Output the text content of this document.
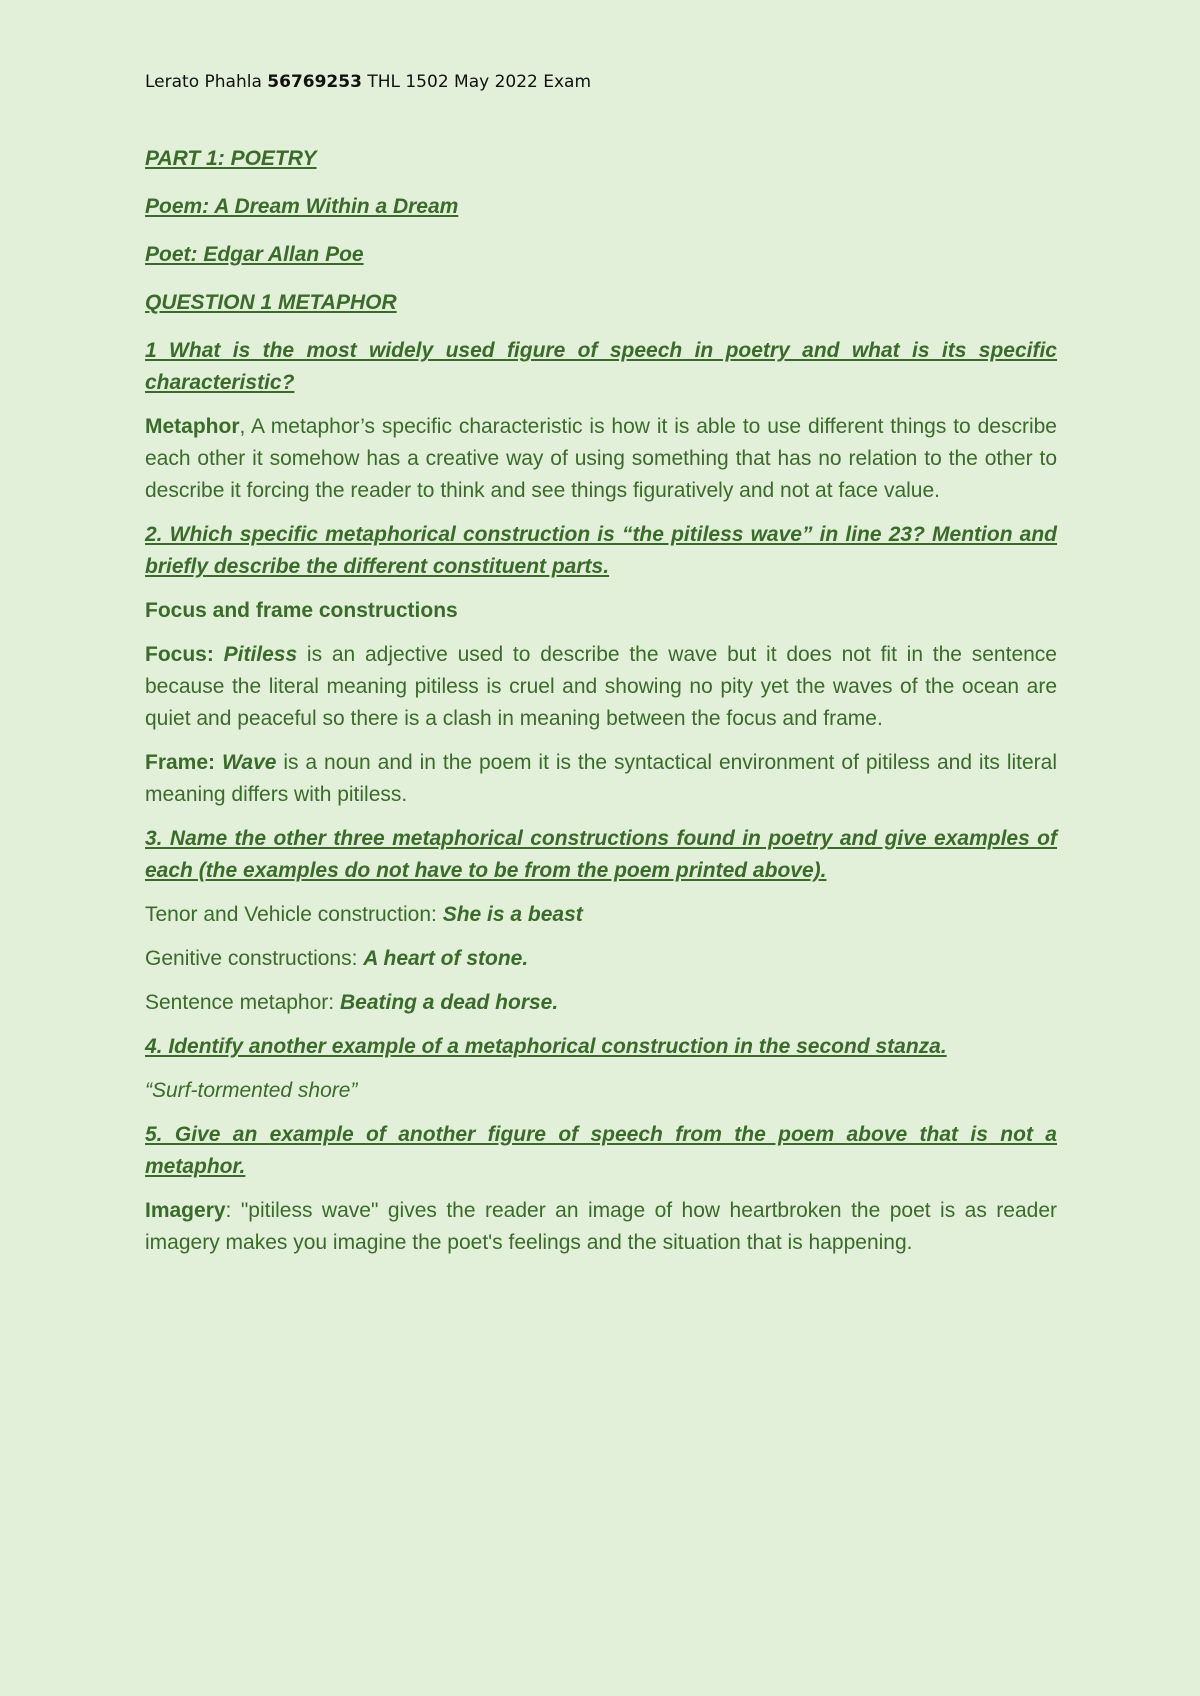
Lerato Phahla 56769253 THL 1502 May 2022 Exam

PART 1: POETRY

Poem: A Dream Within a Dream

Poet: Edgar Allan Poe

QUESTION 1 METAPHOR

1 What is the most widely used figure of speech in poetry and what is its specific characteristic?

Metaphor, A metaphor’s specific characteristic is how it is able to use different things to describe each other it somehow has a creative way of using something that has no relation to the other to describe it forcing the reader to think and see things figuratively and not at face value.

2. Which specific metaphorical construction is “the pitiless wave” in line 23? Mention and briefly describe the different constituent parts.

Focus and frame constructions

Focus: Pitiless is an adjective used to describe the wave but it does not fit in the sentence because the literal meaning pitiless is cruel and showing no pity yet the waves of the ocean are quiet and peaceful so there is a clash in meaning between the focus and frame.

Frame: Wave is a noun and in the poem it is the syntactical environment of pitiless and its literal meaning differs with pitiless.

3. Name the other three metaphorical constructions found in poetry and give examples of each (the examples do not have to be from the poem printed above).

Tenor and Vehicle construction: She is a beast

Genitive constructions: A heart of stone.

Sentence metaphor: Beating a dead horse.

4. Identify another example of a metaphorical construction in the second stanza.

“Surf-tormented shore”

5. Give an example of another figure of speech from the poem above that is not a metaphor.

Imagery: "pitiless wave" gives the reader an image of how heartbroken the poet is as reader imagery makes you imagine the poet's feelings and the situation that is happening.
